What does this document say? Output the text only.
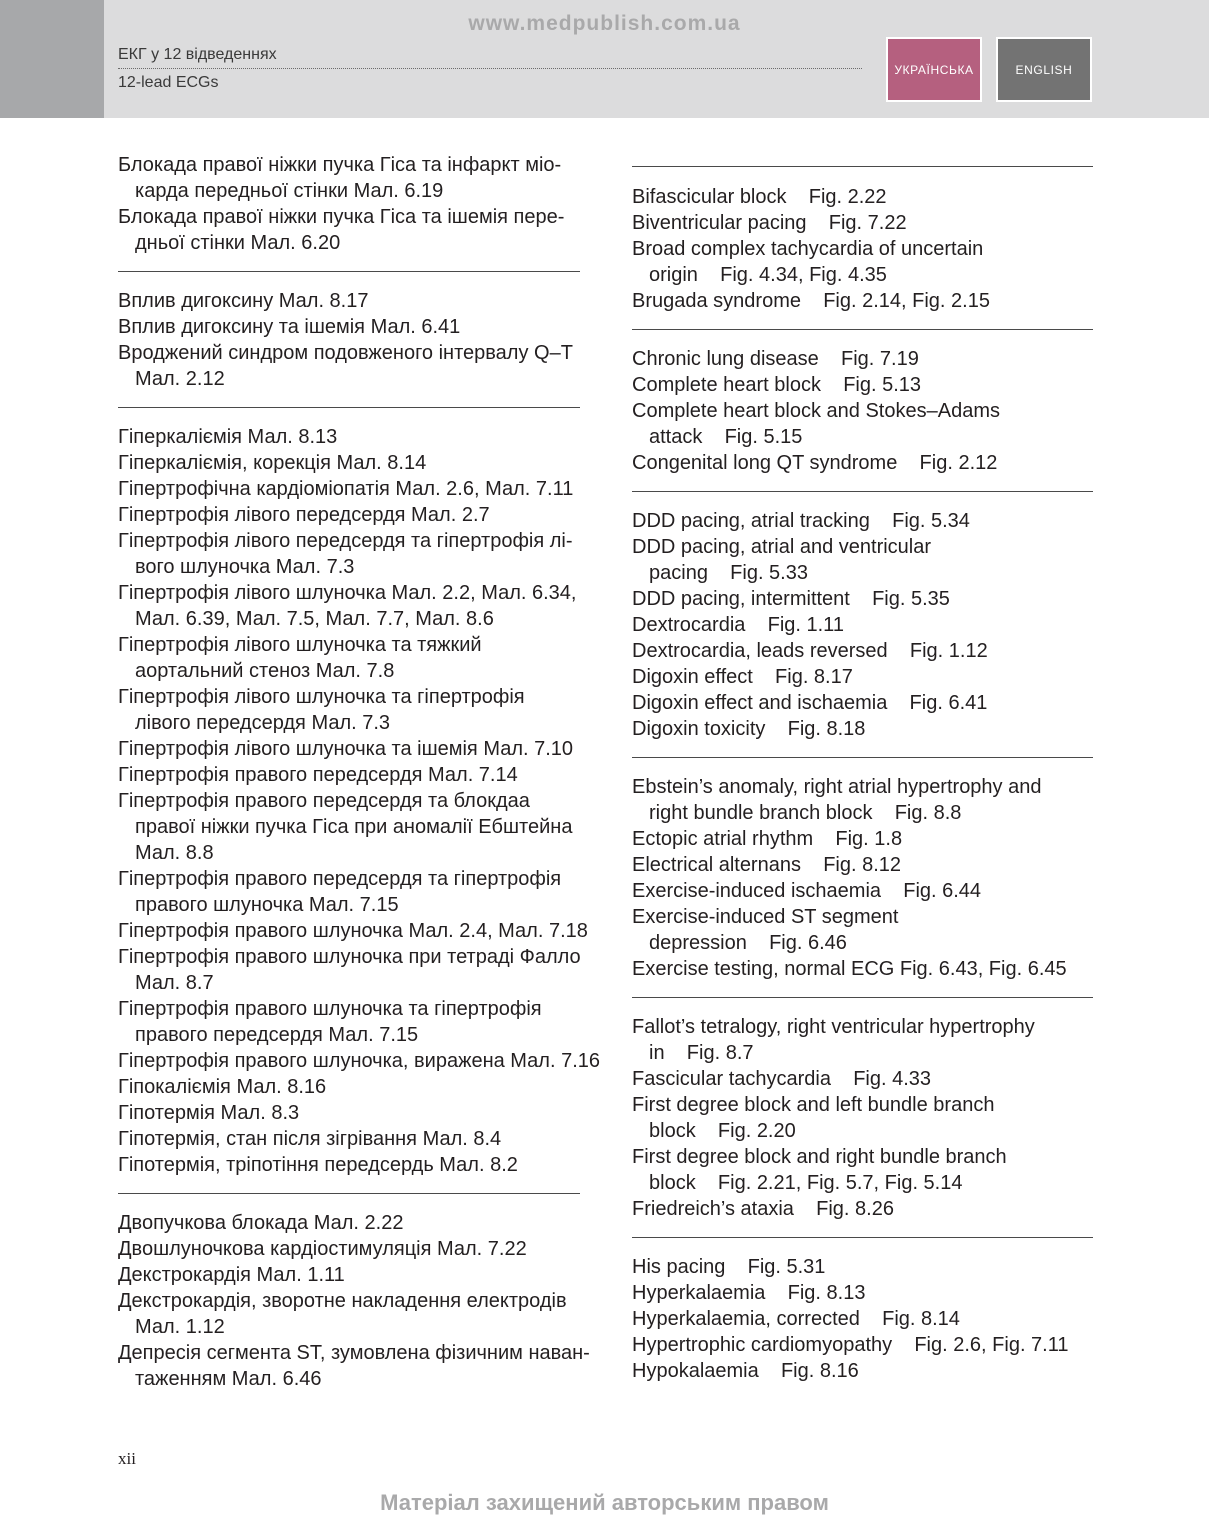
www.medpublish.com.ua
ЕКГ у 12 відведеннях
12-lead ECGs
УКРАЇНСЬКА	ENGLISH
Блокада правої ніжки пучка Гіса та інфаркт міо-
карда передньої стінки Мал. 6.19
Блокада правої ніжки пучка Гіса та ішемія пере-
дньої стінки Мал. 6.20
Вплив дигоксину Мал. 8.17
Вплив дигоксину та ішемія Мал. 6.41
Вроджений синдром подовженого інтервалу Q–T
Мал. 2.12
Гіперкаліємія Мал. 8.13
Гіперкаліємія, корекція Мал. 8.14
Гіпертрофічна кардіоміопатія Мал. 2.6, Мал. 7.11
Гіпертрофія лівого передсердя Мал. 2.7
Гіпертрофія лівого передсердя та гіпертрофія лі-
вого шлуночка Мал. 7.3
Гіпертрофія лівого шлуночка Мал. 2.2, Мал. 6.34,
Мал. 6.39, Мал. 7.5, Мал. 7.7, Мал. 8.6
Гіпертрофія лівого шлуночка та тяжкий
аортальний стеноз Мал. 7.8
Гіпертрофія лівого шлуночка та гіпертрофія
лівого передсердя Мал. 7.3
Гіпертрофія лівого шлуночка та ішемія Мал. 7.10
Гіпертрофія правого передсердя Мал. 7.14
Гіпертрофія правого передсердя та блокдаа
правої ніжки пучка Гіса при аномалії Ебштейна
Мал. 8.8
Гіпертрофія правого передсердя та гіпертрофія
правого шлуночка Мал. 7.15
Гіпертрофія правого шлуночка Мал. 2.4, Мал. 7.18
Гіпертрофія правого шлуночка при тетраді Фалло
Мал. 8.7
Гіпертрофія правого шлуночка та гіпертрофія
правого передсердя Мал. 7.15
Гіпертрофія правого шлуночка, виражена Мал. 7.16
Гіпокаліємія Мал. 8.16
Гіпотермія Мал. 8.3
Гіпотермія, стан після зігрівання Мал. 8.4
Гіпотермія, тріпотіння передсердь Мал. 8.2
Двопучкова блокада Мал. 2.22
Двошлуночкова кардіостимуляція Мал. 7.22
Декстрокардія Мал. 1.11
Декстрокардія, зворотне накладення електродів
Мал. 1.12
Депресія сегмента ST, зумовлена фізичним наван-
таженням Мал. 6.46
Bifascicular block    Fig. 2.22
Biventricular pacing    Fig. 7.22
Broad complex tachycardia of uncertain
origin    Fig. 4.34, Fig. 4.35
Brugada syndrome    Fig. 2.14, Fig. 2.15
Chronic lung disease    Fig. 7.19
Complete heart block    Fig. 5.13
Complete heart block and Stokes–Adams
attack    Fig. 5.15
Congenital long QT syndrome    Fig. 2.12
DDD pacing, atrial tracking    Fig. 5.34
DDD pacing, atrial and ventricular
pacing    Fig. 5.33
DDD pacing, intermittent    Fig. 5.35
Dextrocardia    Fig. 1.11
Dextrocardia, leads reversed    Fig. 1.12
Digoxin effect    Fig. 8.17
Digoxin effect and ischaemia    Fig. 6.41
Digoxin toxicity    Fig. 8.18
Ebstein’s anomaly, right atrial hypertrophy and
right bundle branch block    Fig. 8.8
Ectopic atrial rhythm    Fig. 1.8
Electrical alternans    Fig. 8.12
Exercise-induced ischaemia    Fig. 6.44
Exercise-induced ST segment
depression    Fig. 6.46
Exercise testing, normal ECG Fig. 6.43, Fig. 6.45
Fallot’s tetralogy, right ventricular hypertrophy
in    Fig. 8.7
Fascicular tachycardia    Fig. 4.33
First degree block and left bundle branch
block    Fig. 2.20
First degree block and right bundle branch
block    Fig. 2.21, Fig. 5.7, Fig. 5.14
Friedreich’s ataxia    Fig. 8.26
His pacing    Fig. 5.31
Hyperkalaemia    Fig. 8.13
Hyperkalaemia, corrected    Fig. 8.14
Hypertrophic cardiomyopathy    Fig. 2.6, Fig. 7.11
Hypokalaemia    Fig. 8.16
xii
Матеріал захищений авторським правом
